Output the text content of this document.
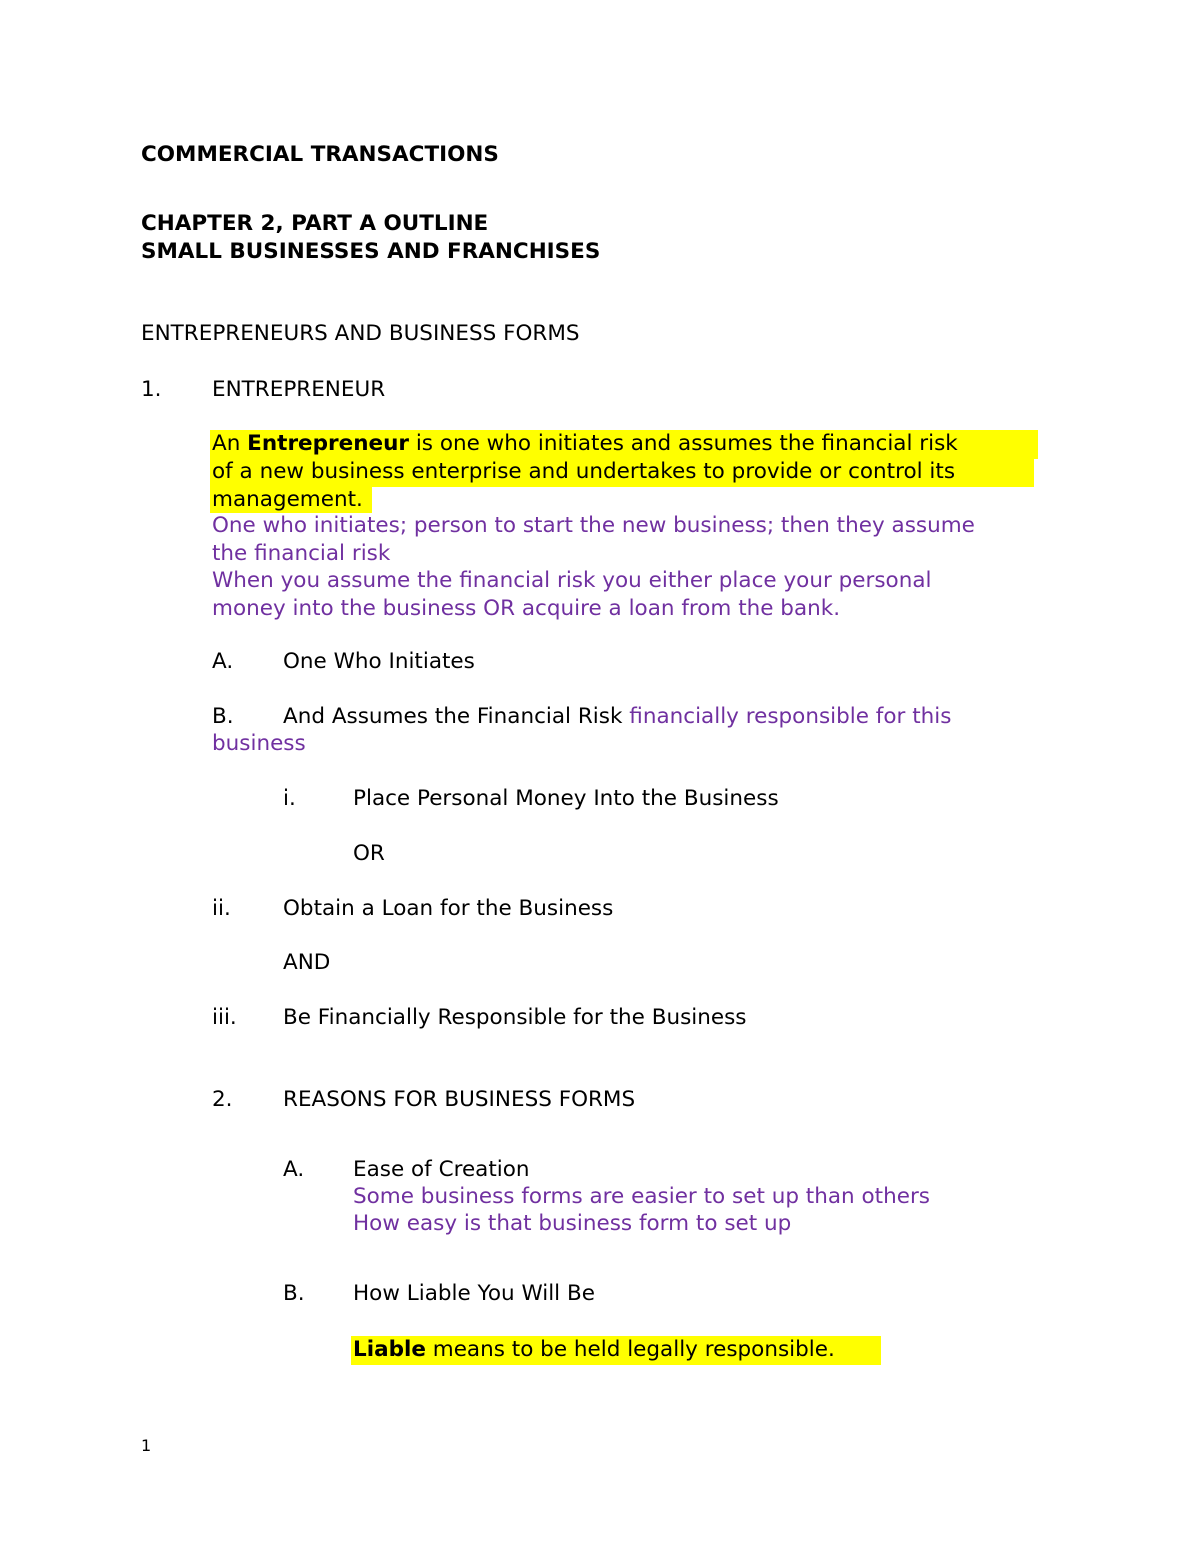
COMMERCIAL TRANSACTIONS
CHAPTER 2, PART A OUTLINE
SMALL BUSINESSES AND FRANCHISES
ENTREPRENEURS AND BUSINESS FORMS
1. ENTREPRENEUR
An Entrepreneur is one who initiates and assumes the financial risk
of a new business enterprise and undertakes to provide or control its
management.
One who initiates; person to start the new business; then they assume
the financial risk
When you assume the financial risk you either place your personal
money into the business OR acquire a loan from the bank.
A. One Who Initiates
B. And Assumes the Financial Risk financially responsible for this
business
i.	Place Personal Money Into the Business
OR
ii. Obtain a Loan for the Business
AND
iii. Be Financially Responsible for the Business
2. REASONS FOR BUSINESS FORMS
A. Ease of Creation
Some business forms are easier to set up than others
How easy is that business form to set up
B. How Liable You Will Be
Liable means to be held legally responsible.
1
